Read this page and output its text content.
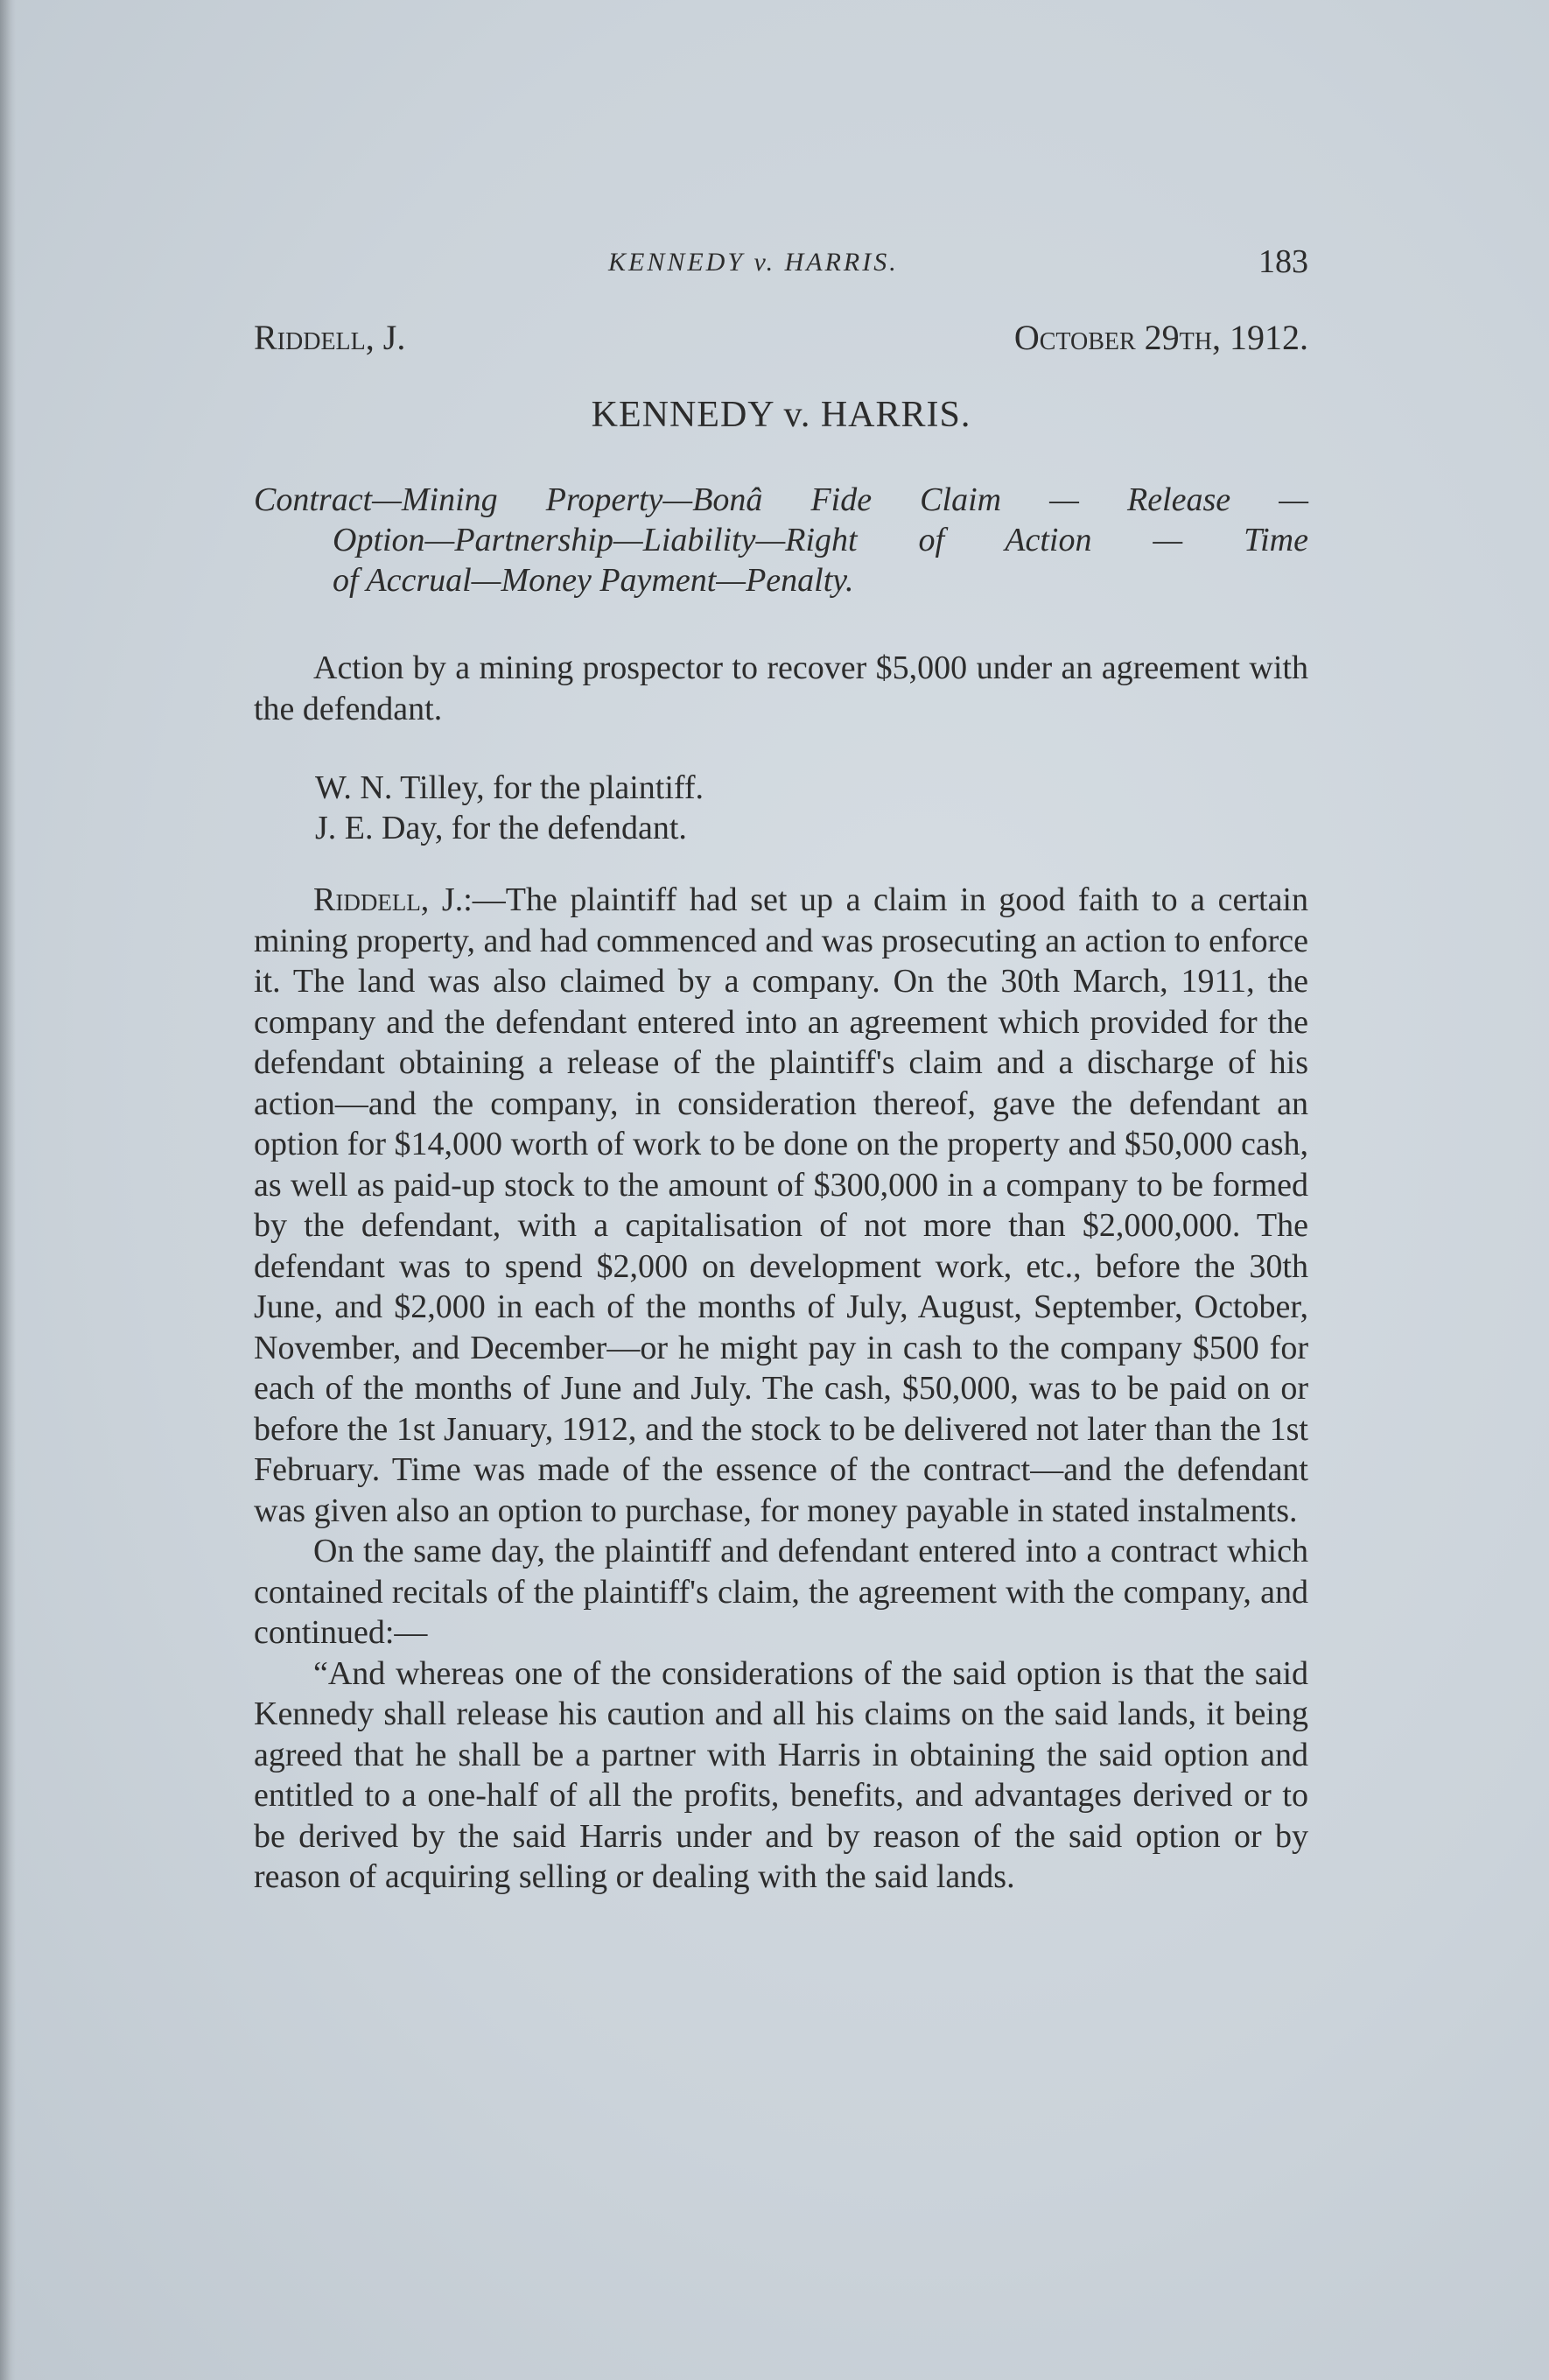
KENNEDY v. HARRIS.	183
Riddell, J.	October 29th, 1912.
KENNEDY v. HARRIS.
Contract—Mining Property—Bonâ Fide Claim — Release —
Option—Partnership—Liability—Right of Action — Time
of Accrual—Money Payment—Penalty.

Action by a mining prospector to recover $5,000 under an agreement with the defendant.

W. N. Tilley, for the plaintiff.
J. E. Day, for the defendant.

Riddell, J.:—The plaintiff had set up a claim in good faith to a certain mining property, and had commenced and was prosecuting an action to enforce it. The land was also claimed by a company. On the 30th March, 1911, the company and the defendant entered into an agreement which provided for the defendant obtaining a release of the plaintiff's claim and a discharge of his action—and the company, in consideration thereof, gave the defendant an option for $14,000 worth of work to be done on the property and $50,000 cash, as well as paid-up stock to the amount of $300,000 in a company to be formed by the defendant, with a capitalisation of not more than $2,000,000. The defendant was to spend $2,000 on development work, etc., before the 30th June, and $2,000 in each of the months of July, August, September, October, November, and December—or he might pay in cash to the company $500 for each of the months of June and July. The cash, $50,000, was to be paid on or before the 1st January, 1912, and the stock to be delivered not later than the 1st February. Time was made of the essence of the contract—and the defendant was given also an option to purchase, for money payable in stated instalments.

On the same day, the plaintiff and defendant entered into a contract which contained recitals of the plaintiff's claim, the agreement with the company, and continued:—

“And whereas one of the considerations of the said option is that the said Kennedy shall release his caution and all his claims on the said lands, it being agreed that he shall be a partner with Harris in obtaining the said option and entitled to a one-half of all the profits, benefits, and advantages derived or to be derived by the said Harris under and by reason of the said option or by reason of acquiring selling or dealing with the said lands.
